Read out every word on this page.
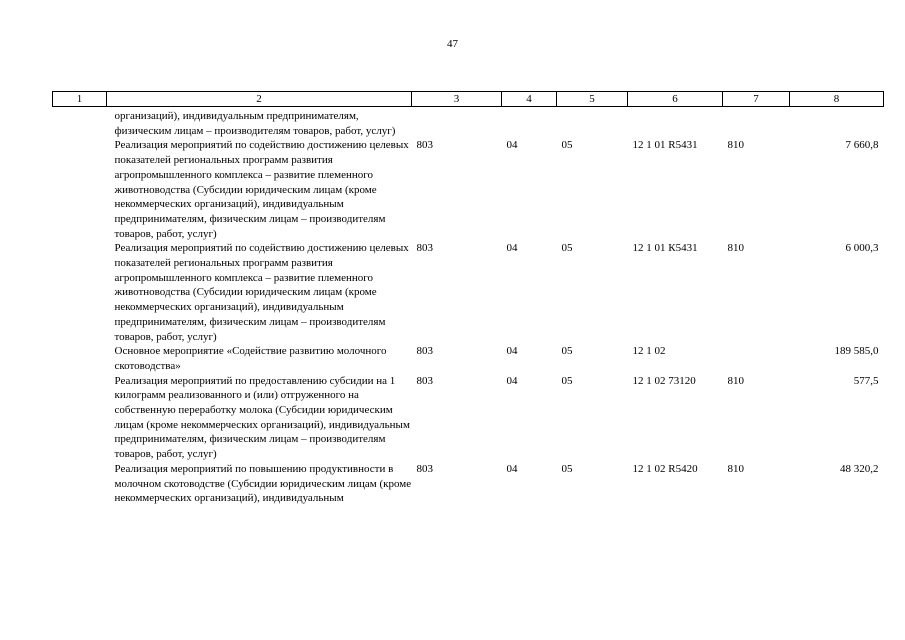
47
1	2	3	4	5	6	7	8
	организаций), индивидуальным предпринимателям, физическим лицам – производителям товаров, работ, услуг)						
	Реализация мероприятий по содействию достижению целевых показателей региональных программ развития агропромышленного комплекса – развитие племенного животноводства (Субсидии юридическим лицам (кроме некоммерческих организаций), индивидуальным предпринимателям, физическим лицам – производителям товаров, работ, услуг)	803	04	05	12 1 01 R5431	810	7 660,8
	Реализация мероприятий по содействию достижению целевых показателей региональных программ развития агропромышленного комплекса – развитие племенного животноводства (Субсидии юридическим лицам (кроме некоммерческих организаций), индивидуальным предпринимателям, физическим лицам – производителям товаров, работ, услуг)	803	04	05	12 1 01 К5431	810	6 000,3
	Основное мероприятие «Содействие развитию молочного скотоводства»	803	04	05	12 1 02		189 585,0
	Реализация мероприятий по предоставлению субсидии на 1 килограмм реализованного и (или) отгруженного на собственную переработку молока (Субсидии юридическим лицам (кроме некоммерческих организаций), индивидуальным предпринимателям, физическим лицам – производителям товаров, работ, услуг)	803	04	05	12 1 02 73120	810	577,5
	Реализация мероприятий по повышению продуктивности в молочном скотоводстве (Субсидии юридическим лицам (кроме некоммерческих организаций), индивидуальным	803	04	05	12 1 02 R5420	810	48 320,2
